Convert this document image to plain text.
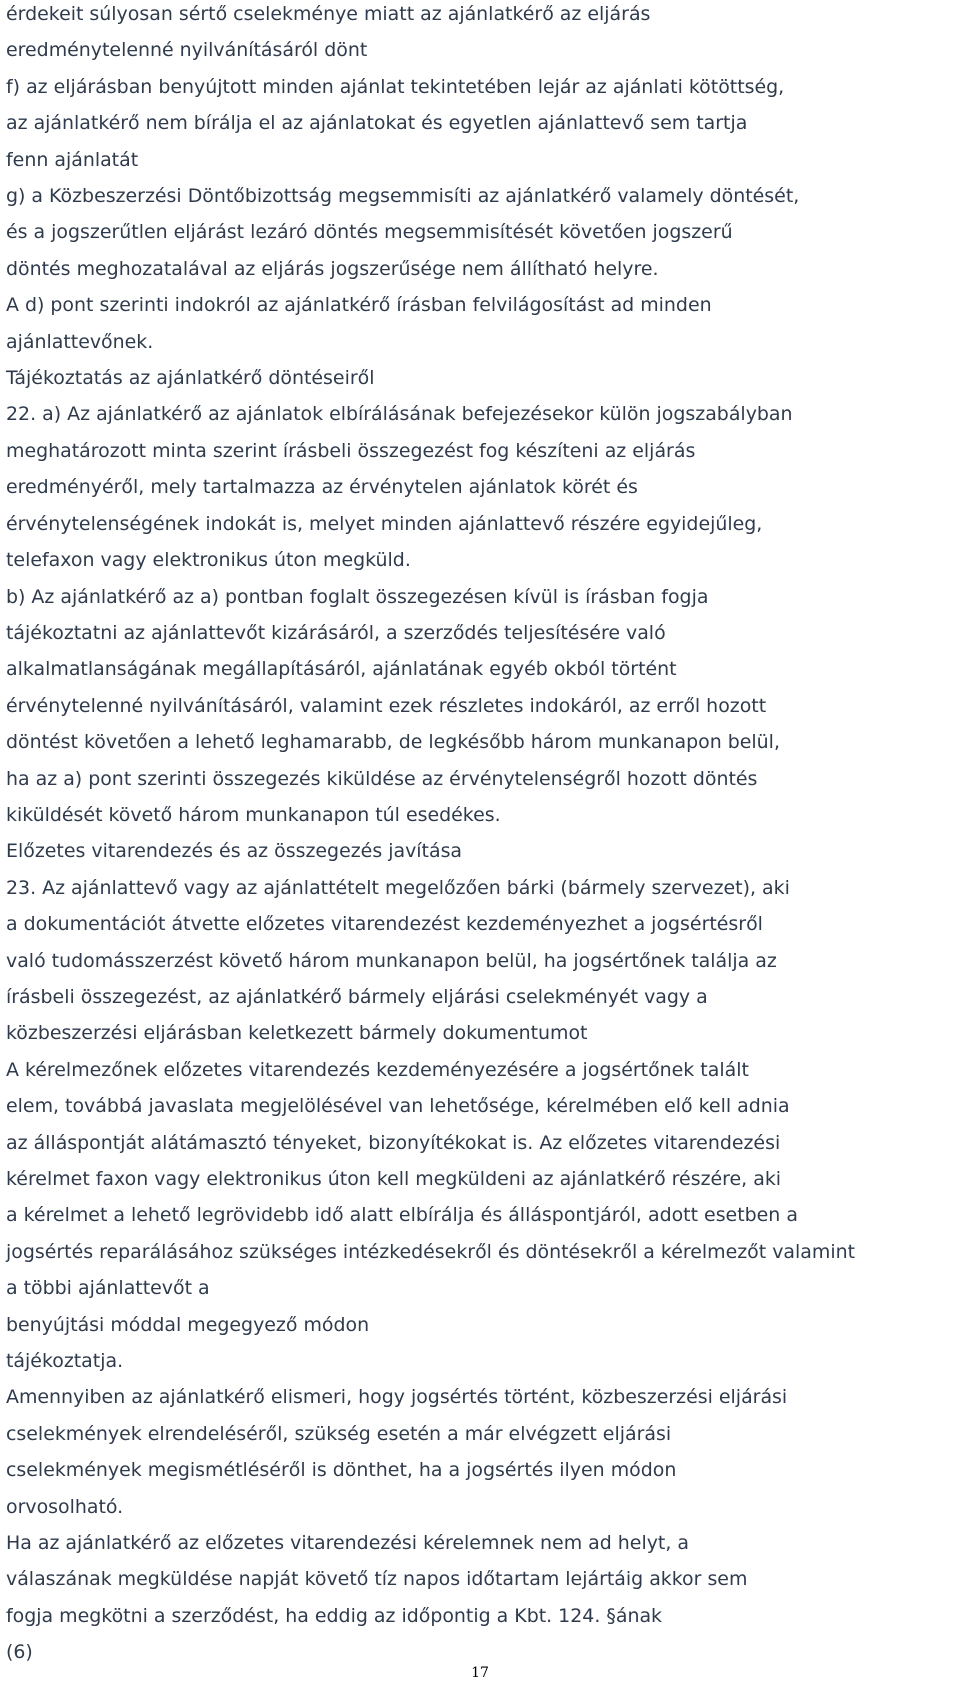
érdekeit súlyosan sértő cselekménye miatt az ajánlatkérő az eljárás
eredménytelenné nyilvánításáról dönt
f) az eljárásban benyújtott minden ajánlat tekintetében lejár az ajánlati kötöttség,
az ajánlatkérő nem bírálja el az ajánlatokat és egyetlen ajánlattevő sem tartja
fenn ajánlatát
g) a Közbeszerzési Döntőbizottság megsemmisíti az ajánlatkérő valamely döntését,
és a jogszerűtlen eljárást lezáró döntés megsemmisítését követően jogszerű
döntés meghozatalával az eljárás jogszerűsége nem állítható helyre.
A d) pont szerinti indokról az ajánlatkérő írásban felvilágosítást ad minden
ajánlattevőnek.
Tájékoztatás az ajánlatkérő döntéseiről
22. a) Az ajánlatkérő az ajánlatok elbírálásának befejezésekor külön jogszabályban
meghatározott minta szerint írásbeli összegezést fog készíteni az eljárás
eredményéről, mely tartalmazza az érvénytelen ajánlatok körét és
érvénytelenségének indokát is, melyet minden ajánlattevő részére egyidejűleg,
telefaxon vagy elektronikus úton megküld.
b) Az ajánlatkérő az a) pontban foglalt összegezésen kívül is írásban fogja
tájékoztatni az ajánlattevőt kizárásáról, a szerződés teljesítésére való
alkalmatlanságának megállapításáról, ajánlatának egyéb okból történt
érvénytelenné nyilvánításáról, valamint ezek részletes indokáról, az erről hozott
döntést követően a lehető leghamarabb, de legkésőbb három munkanapon belül,
ha az a) pont szerinti összegezés kiküldése az érvénytelenségről hozott döntés
kiküldését követő három munkanapon túl esedékes.
Előzetes vitarendezés és az összegezés javítása
23. Az ajánlattevő vagy az ajánlattételt megelőzően bárki (bármely szervezet), aki
a dokumentációt átvette előzetes vitarendezést kezdeményezhet a jogsértésről
való tudomásszerzést követő három munkanapon belül, ha jogsértőnek találja az
írásbeli összegezést, az ajánlatkérő bármely eljárási cselekményét vagy a
közbeszerzési eljárásban keletkezett bármely dokumentumot
A kérelmezőnek előzetes vitarendezés kezdeményezésére a jogsértőnek talált
elem, továbbá javaslata megjelölésével van lehetősége, kérelmében elő kell adnia
az álláspontját alátámasztó tényeket, bizonyítékokat is. Az előzetes vitarendezési
kérelmet faxon vagy elektronikus úton kell megküldeni az ajánlatkérő részére, aki
a kérelmet a lehető legrövidebb idő alatt elbírálja és álláspontjáról, adott esetben a
jogsértés reparálásához szükséges intézkedésekről és döntésekről a kérelmezőt valamint
a többi ajánlattevőt a
benyújtási móddal megegyező módon
tájékoztatja.
Amennyiben az ajánlatkérő elismeri, hogy jogsértés történt, közbeszerzési eljárási
cselekmények elrendeléséről, szükség esetén a már elvégzett eljárási
cselekmények megismétléséről is dönthet, ha a jogsértés ilyen módon
orvosolható.
Ha az ajánlatkérő az előzetes vitarendezési kérelemnek nem ad helyt, a
válaszának megküldése napját követő tíz napos időtartam lejártáig akkor sem
fogja megkötni a szerződést, ha eddig az időpontig a Kbt. 124. §ának
(6)
17
